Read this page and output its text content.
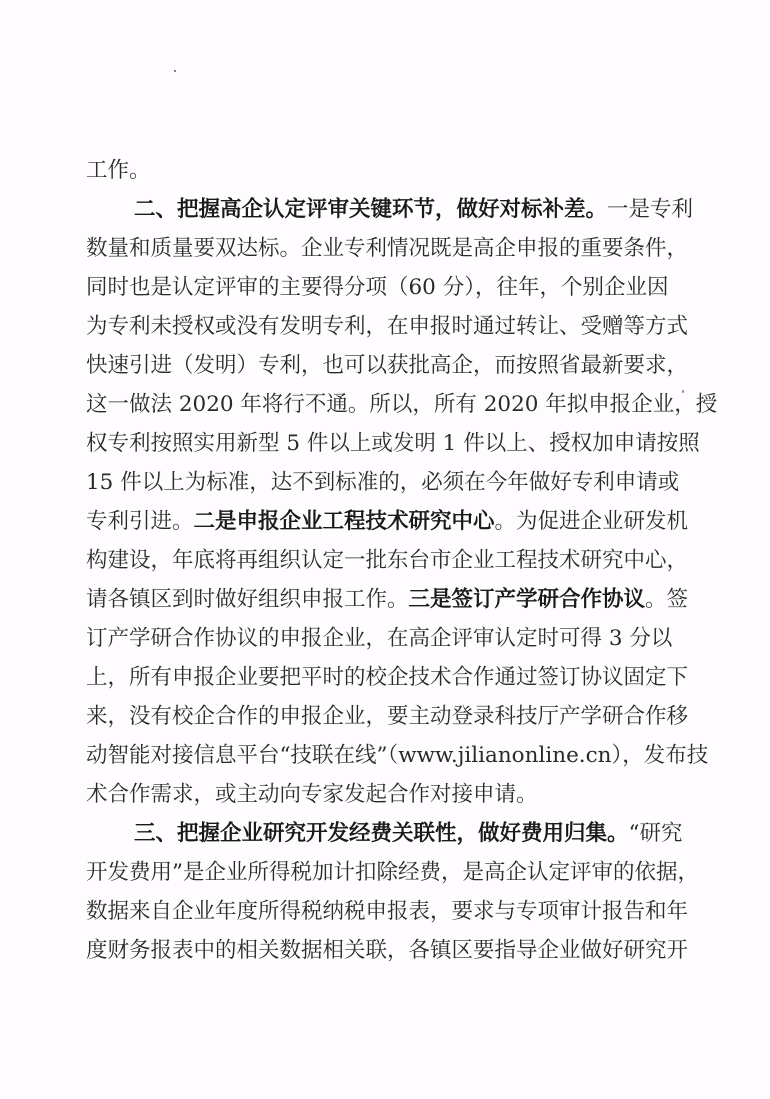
工作。
二、把握高企认定评审关键环节，做好对标补差。一是专利
数量和质量要双达标。企业专利情况既是高企申报的重要条件，
同时也是认定评审的主要得分项（60 分），往年，个别企业因
为专利未授权或没有发明专利，在申报时通过转让、受赠等方式
快速引进（发明）专利，也可以获批高企，而按照省最新要求，
这一做法 2020 年将行不通。所以，所有 2020 年拟申报企业，授
权专利按照实用新型 5 件以上或发明 1 件以上、授权加申请按照
15 件以上为标准，达不到标准的，必须在今年做好专利申请或
专利引进。二是申报企业工程技术研究中心。为促进企业研发机
构建设，年底将再组织认定一批东台市企业工程技术研究中心，
请各镇区到时做好组织申报工作。三是签订产学研合作协议。签
订产学研合作协议的申报企业，在高企评审认定时可得 3 分以
上，所有申报企业要把平时的校企技术合作通过签订协议固定下
来，没有校企合作的申报企业，要主动登录科技厅产学研合作移
动智能对接信息平台“技联在线”（www.jilianonline.cn），发布技
术合作需求，或主动向专家发起合作对接申请。
三、把握企业研究开发经费关联性，做好费用归集。“研究
开发费用”是企业所得税加计扣除经费，是高企认定评审的依据，
数据来自企业年度所得税纳税申报表，要求与专项审计报告和年
度财务报表中的相关数据相关联，各镇区要指导企业做好研究开
